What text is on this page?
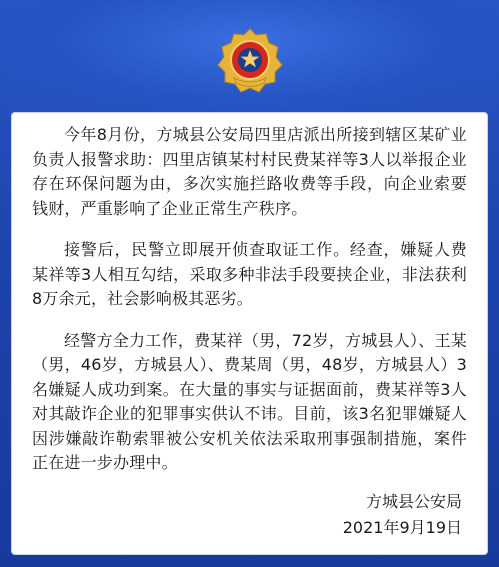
今年8月份，方城县公安局四里店派出所接到辖区某矿业负责人报警求助：四里店镇某村村民费某祥等3人以举报企业存在环保问题为由，多次实施拦路收费等手段，向企业索要钱财，严重影响了企业正常生产秩序。

接警后，民警立即展开侦查取证工作。经查，嫌疑人费某祥等3人相互勾结，采取多种非法手段要挟企业，非法获利8万余元，社会影响极其恶劣。

经警方全力工作，费某祥（男，72岁，方城县人）、王某（男，46岁，方城县人）、费某周（男，48岁，方城县人）3名嫌疑人成功到案。在大量的事实与证据面前，费某祥等3人对其敲诈企业的犯罪事实供认不讳。目前，该3名犯罪嫌疑人因涉嫌敲诈勒索罪被公安机关依法采取刑事强制措施，案件正在进一步办理中。

方城县公安局
2021年9月19日
